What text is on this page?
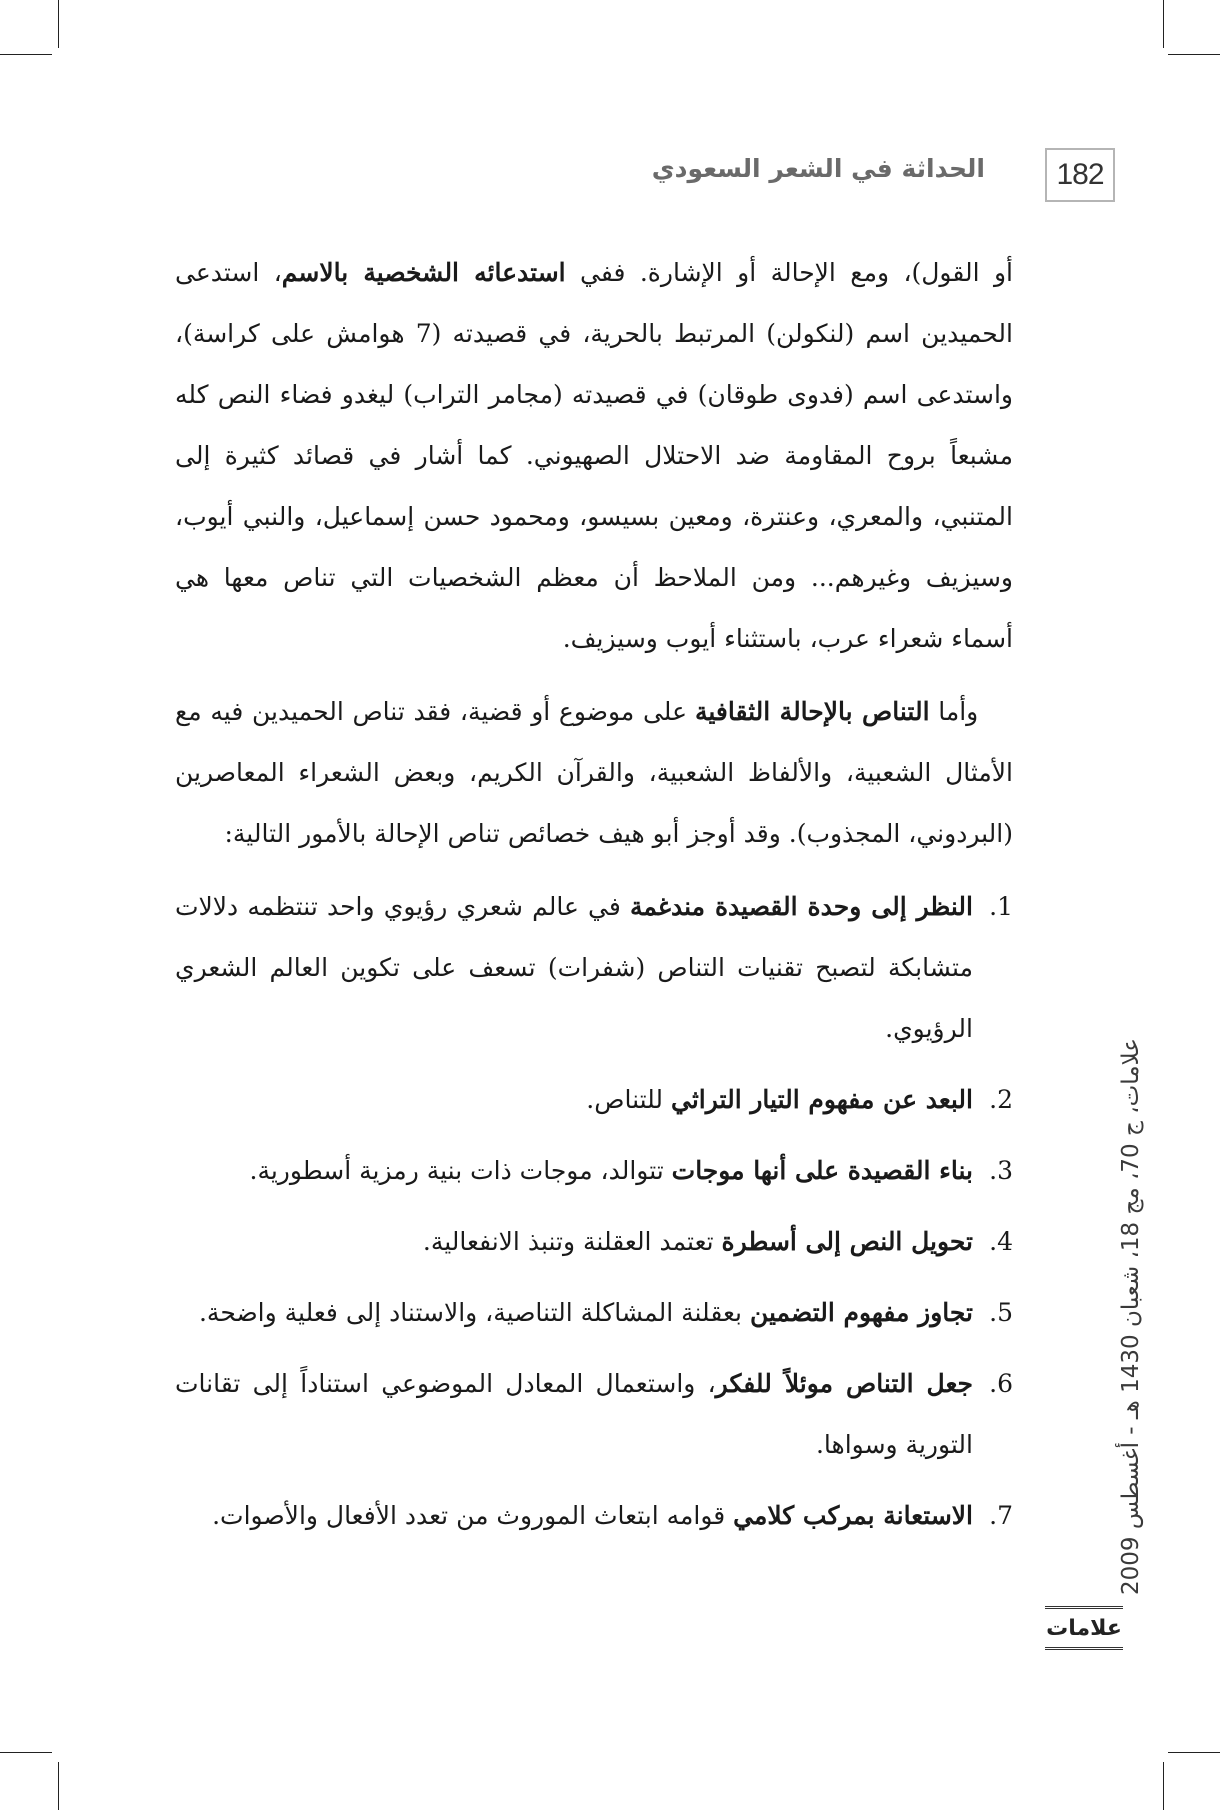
182
الحداثة في الشعر السعودي

أو القول)، ومع الإحالة أو الإشارة. ففي استدعائه الشخصية بالاسم، استدعى الحميدين اسم (لنكولن) المرتبط بالحرية، في قصيدته (7 هوامش على كراسة)، واستدعى اسم (فدوى طوقان) في قصيدته (مجامر التراب) ليغدو فضاء النص كله مشبعاً بروح المقاومة ضد الاحتلال الصهيوني. كما أشار في قصائد كثيرة إلى المتنبي، والمعري، وعنترة، ومعين بسيسو، ومحمود حسن إسماعيل، والنبي أيوب، وسيزيف وغيرهم... ومن الملاحظ أن معظم الشخصيات التي تناص معها هي أسماء شعراء عرب، باستثناء أيوب وسيزيف.

وأما التناص بالإحالة الثقافية على موضوع أو قضية، فقد تناص الحميدين فيه مع الأمثال الشعبية، والألفاظ الشعبية، والقرآن الكريم، وبعض الشعراء المعاصرين (البردوني، المجذوب). وقد أوجز أبو هيف خصائص تناص الإحالة بالأمور التالية:

1.
النظر إلى وحدة القصيدة مندغمة في عالم شعري رؤيوي واحد تنتظمه دلالات متشابكة لتصبح تقنيات التناص (شفرات) تسعف على تكوين العالم الشعري الرؤيوي.
2.
البعد عن مفهوم التيار التراثي للتناص.
3.
بناء القصيدة على أنها موجات تتوالد، موجات ذات بنية رمزية أسطورية.
4.
تحويل النص إلى أسطرة تعتمد العقلنة وتنبذ الانفعالية.
5.
تجاوز مفهوم التضمين بعقلنة المشاكلة التناصية، والاستناد إلى فعلية واضحة.
6.
جعل التناص موئلاً للفكر، واستعمال المعادل الموضوعي استناداً إلى تقانات التورية وسواها.
7.
الاستعانة بمركب كلامي قوامه ابتعاث الموروث من تعدد الأفعال والأصوات.
علامات، ج 70، مج 18، شعبان 1430 هـ - أغسطس 2009
علامات
